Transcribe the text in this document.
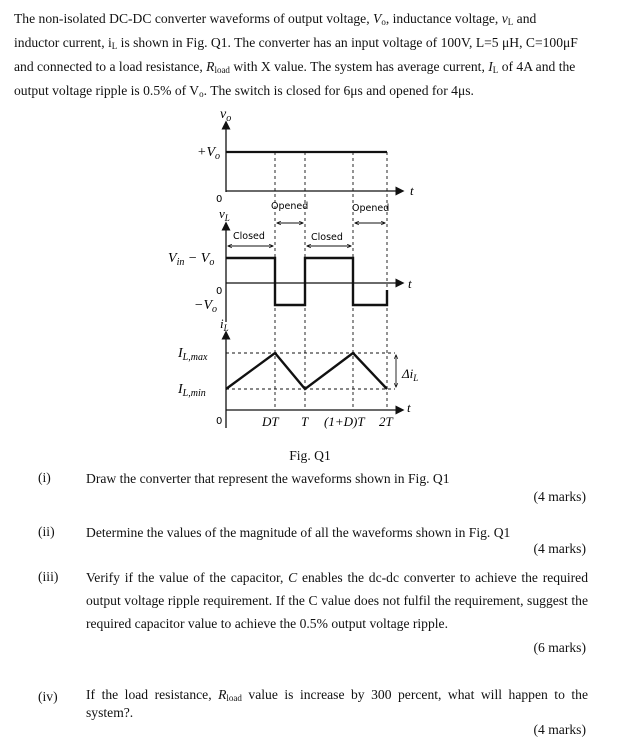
The non-isolated DC-DC converter waveforms of output voltage, $V_o$, inductance voltage, $v_L$ and
inductor current, $i_L$ is shown in Fig. Q1. The converter has an input voltage of 100V, L=5 μH, C=100μF
and connected to a load resistance, $R_{load}$ with X value. The system has average current, $I_L$ of 4A and the
output voltage ripple is 0.5% of $V_o$. The switch is closed for 6μs and opened for 4μs.
$v_o$
$+V_o$
0
t
$v_L$
Opened	Opened
Closed	Closed
$V_{in} - V_o$
0
t
$-V_o$
$i_L$
$I_{L,max}$
$I_{L,min}$
$\Delta i_L$
0
t
DT T (1+D)T 2T
Fig. Q1
(i)	Draw the converter that represent the waveforms shown in Fig. Q1
(4 marks)
(ii) Determine the values of the magnitude of all the waveforms shown in Fig. Q1
(4 marks)
(iii) Verify if the value of the capacitor, C enables the dc-dc converter to achieve the required output voltage ripple requirement. If the C value does not fulfil the requirement, suggest the required capacitor value to achieve the 0.5% output voltage ripple.
(6 marks)
(iv) If the load resistance, $R_{load}$ value is increase by 300 percent, what will happen to the system?.
(4 marks)
